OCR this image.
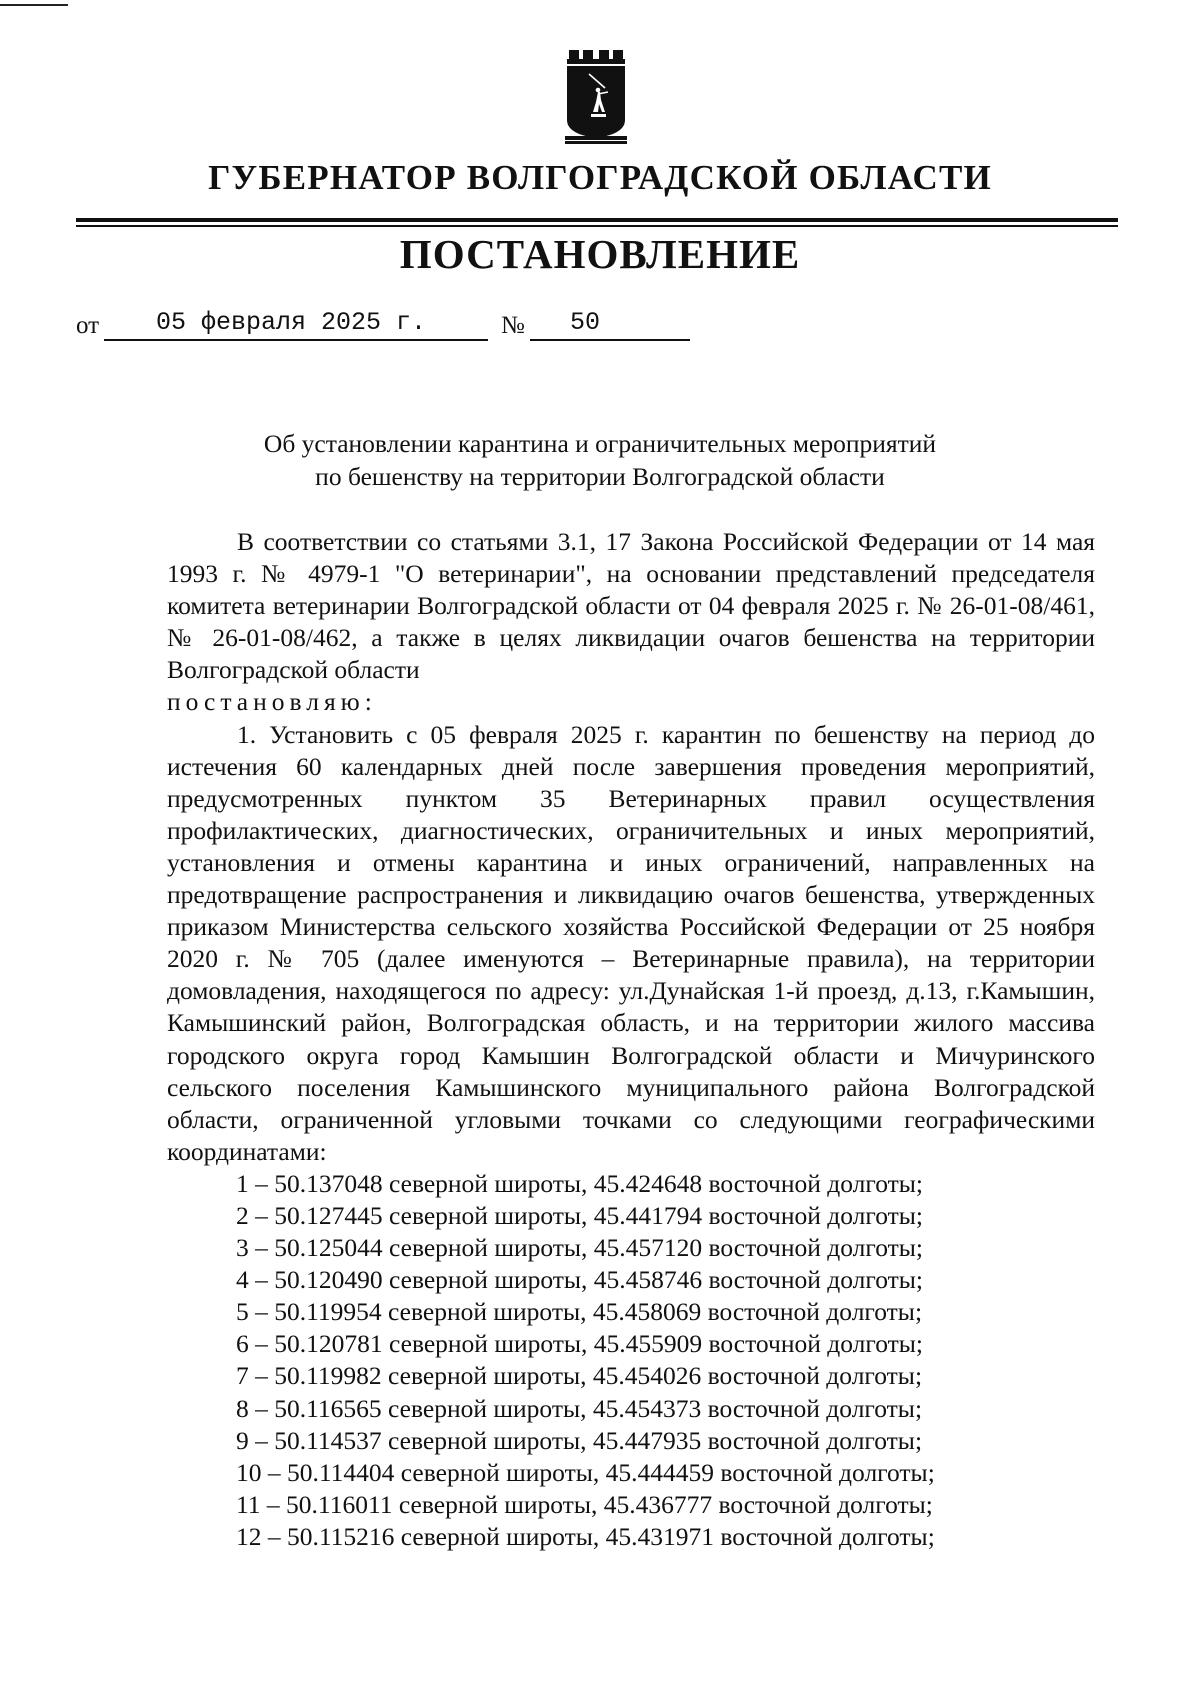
ГУБЕРНАТОР ВОЛГОГРАДСКОЙ ОБЛАСТИ
ПОСТАНОВЛЕНИЕ
от 05 февраля 2025 г.	№ 50
Об установлении карантина и ограничительных мероприятий
по бешенству на территории Волгоградской области

В соответствии со статьями 3.1, 17 Закона Российской Федерации от 14 мая 1993 г. № 4979-1 "О ветеринарии", на основании представлений председателя комитета ветеринарии Волгоградской области от 04 февраля 2025 г. № 26-01-08/461, № 26-01-08/462, а также в целях ликвидации очагов бешенства на территории Волгоградской области

постановляю:

1. Установить с 05 февраля 2025 г. карантин по бешенству на период до истечения 60 календарных дней после завершения проведения мероприятий, предусмотренных пунктом 35 Ветеринарных правил осуществления профилактических, диагностических, ограничительных и иных мероприятий, установления и отмены карантина и иных ограничений, направленных на предотвращение распространения и ликвидацию очагов бешенства, утвержденных приказом Министерства сельского хозяйства Российской Федерации от 25 ноября 2020 г. № 705 (далее именуются – Ветеринарные правила), на территории домовладения, находящегося по адресу: ул.Дунайская 1-й проезд, д.13, г.Камышин, Камышинский район, Волгоградская область, и на территории жилого массива городского округа город Камышин Волгоградской области и Мичуринского сельского поселения Камышинского муниципального района Волгоградской области, ограниченной угловыми точками со следующими географическими координатами:

1 – 50.137048 северной широты, 45.424648 восточной долготы;
2 – 50.127445 северной широты, 45.441794 восточной долготы;
3 – 50.125044 северной широты, 45.457120 восточной долготы;
4 – 50.120490 северной широты, 45.458746 восточной долготы;
5 – 50.119954 северной широты, 45.458069 восточной долготы;
6 – 50.120781 северной широты, 45.455909 восточной долготы;
7 – 50.119982 северной широты, 45.454026 восточной долготы;
8 – 50.116565 северной широты, 45.454373 восточной долготы;
9 – 50.114537 северной широты, 45.447935 восточной долготы;
10 – 50.114404 северной широты, 45.444459 восточной долготы;
11 – 50.116011 северной широты, 45.436777 восточной долготы;
12 – 50.115216 северной широты, 45.431971 восточной долготы;
